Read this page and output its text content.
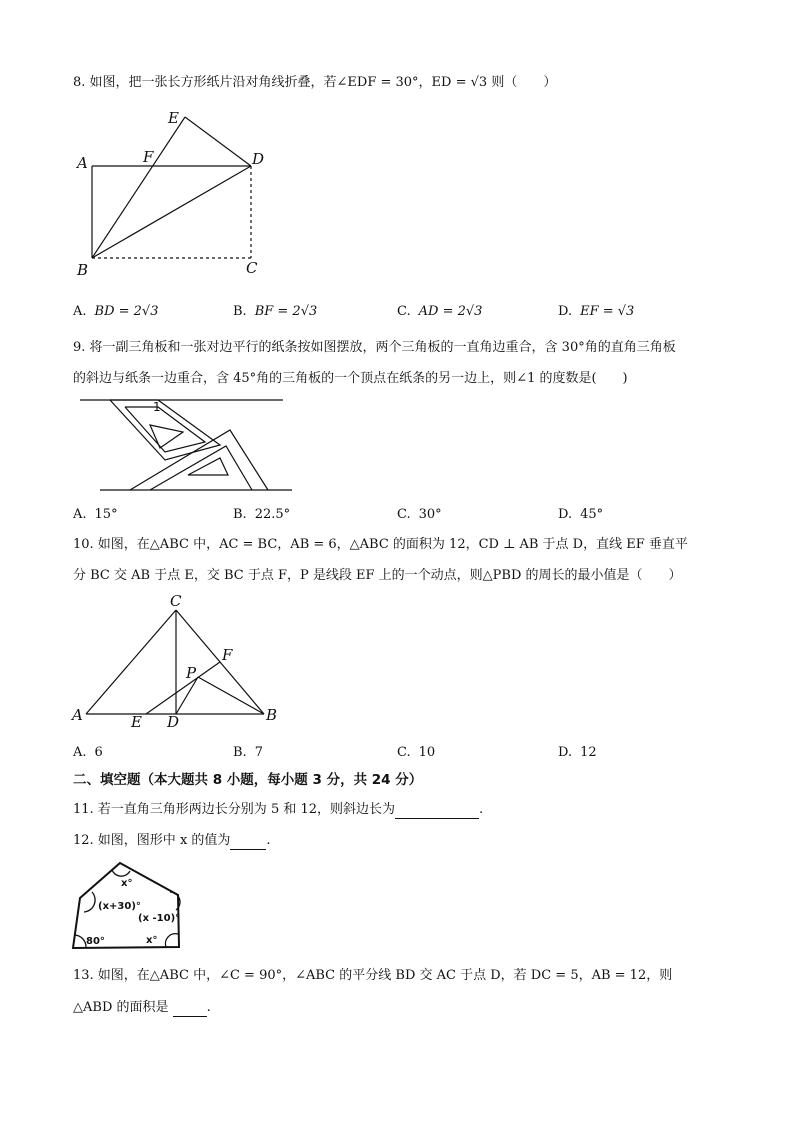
8. 如图，把一张长方形纸片沿对角线折叠，若∠EDF = 30°，ED = √3 则（　　）
E
F
A	D
B	C
A. BD = 2√3	B. BF = 2√3	C. AD = 2√3	D. EF = √3
9. 将一副三角板和一张对边平行的纸条按如图摆放，两个三角板的一直角边重合，含 30°角的直角三角板
的斜边与纸条一边重合，含 45°角的三角板的一个顶点在纸条的另一边上，则∠1 的度数是(　　)
1
A. 15°	B. 22.5°	C. 30°	D. 45°
10. 如图，在△ABC 中，AC = BC，AB = 6，△ABC 的面积为 12，CD ⊥ AB 于点 D，直线 EF 垂直平
分 BC 交 AB 于点 E，交 BC 于点 F，P 是线段 EF 上的一个动点，则△PBD 的周长的最小值是（　　）
C
F
P
A	E D	B
A. 6	B. 7	C. 10	D. 12
二、填空题（本大题共 8 小题，每小题 3 分，共 24 分）
11. 若一直角三角形两边长分别为 5 和 12，则斜边长为	.
12. 如图，图形中 x 的值为	.
x°
(x+30)°
(x -10)°
80°	x°
13. 如图，在△ABC 中，∠C = 90°，∠ABC 的平分线 BD 交 AC 于点 D，若 DC = 5，AB = 12，则
△ABD 的面积是	.
